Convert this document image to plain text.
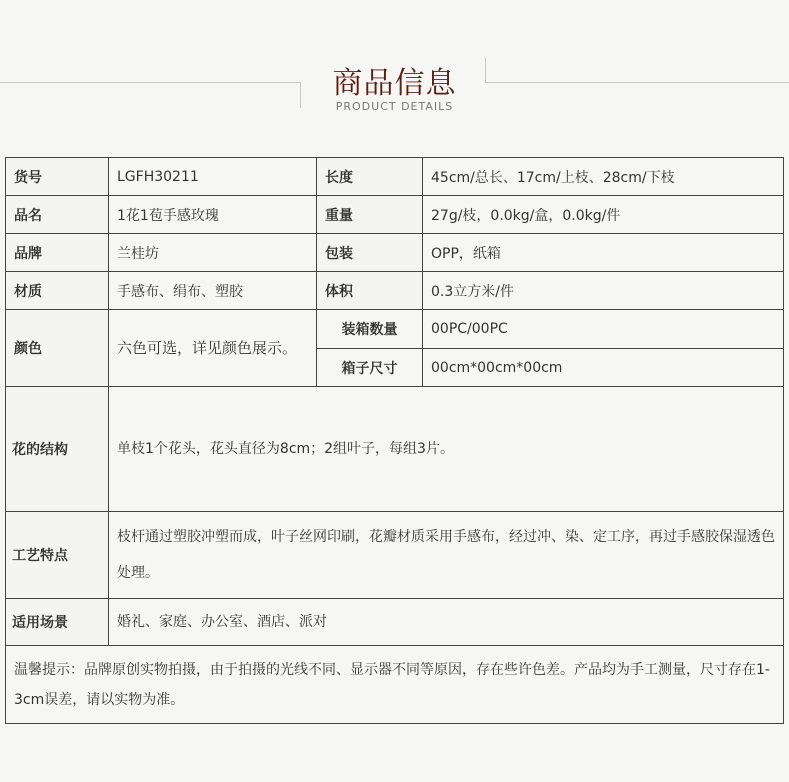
商品信息
PRODUCT DETAILS
货号	LGFH30211	长度	45cm/总长、17cm/上枝、28cm/下枝
品名	1花1苞手感玫瑰	重量	27g/枝，0.0kg/盒，0.0kg/件
品牌	兰桂坊	包装	OPP，纸箱
材质	手感布、绢布、塑胶	体积	0.3立方米/件
颜色	六色可选，详见颜色展示。	装箱数量	00PC/00PC
		箱子尺寸	00cm*00cm*00cm
花的结构	单枝1个花头，花头直径为8cm；2组叶子，每组3片。		
工艺特点	枝杆通过塑胶冲塑而成，叶子丝网印刷，花瓣材质采用手感布，经过冲、染、定工序，再过手感胶保湿透色处理。		
适用场景	婚礼、家庭、办公室、酒店、派对		
温馨提示：品牌原创实物拍摄，由于拍摄的光线不同、显示器不同等原因，存在些许色差。产品均为手工测量，尺寸存在1-3cm误差，请以实物为准。			
